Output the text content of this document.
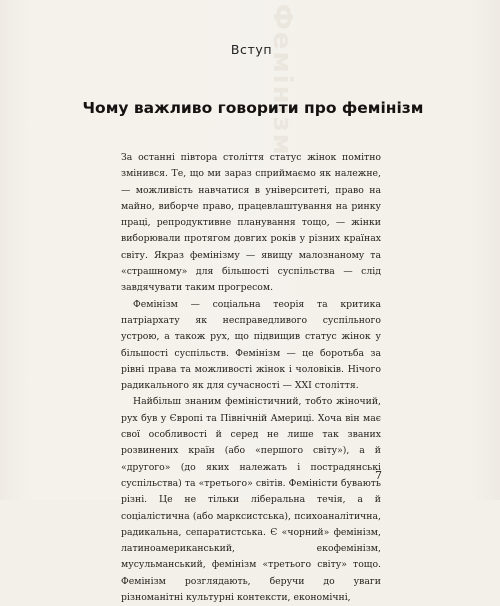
Фемінізм
Вступ
Чому важливо говорити про фемінізм

За останні півтора століття статус жінок помітно змінився. Те, що ми зараз сприймаємо як належне, — можливість навчатися в університеті, право на майно, виборче право, працевлаштування на ринку праці, репродуктивне планування тощо, — жінки виборювали протягом довгих років у різних країнах світу. Якраз фемінізму — явищу малознаному та «страшному» для більшості суспільства — слід завдячувати таким прогресом.

Фемінізм — соціальна теорія та критика патріархату як несправедливого суспільного устрою, а також рух, що підвищив статус жінок у більшості суспільств. Фемінізм — це боротьба за рівні права та можливості жінок і чоловіків. Нічого радикального як для сучасності — XXI століття.

Найбільш знаним феміністичний, тобто жіночий, рух був у Європі та Північній Америці. Хоча він має свої особливості й серед не лише так званих розвинених країн (або «першого світу»), а й «другого» (до яких належать і пострадянські суспільства) та «третього» світів. Феміністи бувають різні. Це не тільки ліберальна течія, а й соціалістична (або марксистська), психоаналітична, радикальна, сепаратистська. Є «чорний» фемінізм, латиноамериканський, екофемінізм, мусульманський, фемінізм «третього світу» тощо. Фемінізм розглядають, беручи до уваги різноманітні культурні контексти, економічні,

7
